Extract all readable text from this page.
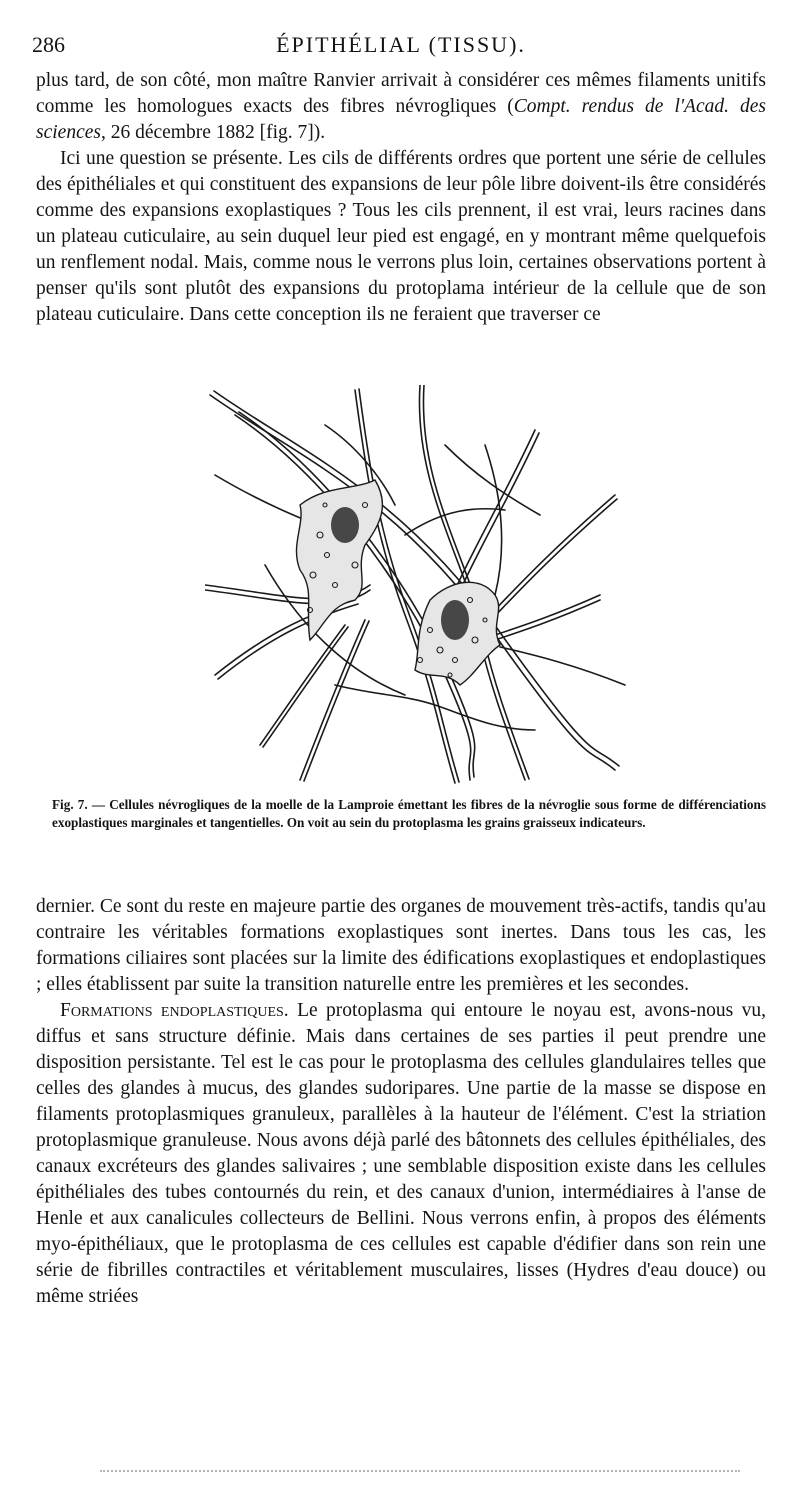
286	ÉPITHÉLIAL (TISSU).

plus tard, de son côté, mon maître Ranvier arrivait à considérer ces mêmes filaments unitifs comme les homologues exacts des fibres névrogliques (Compt. rendus de l'Acad. des sciences, 26 décembre 1882 [fig. 7]).

Ici une question se présente. Les cils de différents ordres que portent une série de cellules des épithéliales et qui constituent des expansions de leur pôle libre doivent-ils être considérés comme des expansions exoplastiques ? Tous les cils prennent, il est vrai, leurs racines dans un plateau cuticulaire, au sein duquel leur pied est engagé, en y montrant même quelquefois un renflement nodal. Mais, comme nous le verrons plus loin, certaines observations portent à penser qu'ils sont plutôt des expansions du protoplama intérieur de la cellule que de son plateau cuticulaire. Dans cette conception ils ne feraient que traverser ce

Fig. 7. — Cellules névrogliques de la moelle de la Lamproie émettant les fibres de la névroglie sous forme de différenciations exoplastiques marginales et tangentielles. On voit au sein du protoplasma les grains graisseux indicateurs.

dernier. Ce sont du reste en majeure partie des organes de mouvement très-actifs, tandis qu'au contraire les véritables formations exoplastiques sont inertes. Dans tous les cas, les formations ciliaires sont placées sur la limite des édifications exoplastiques et endoplastiques ; elles établissent par suite la transition naturelle entre les premières et les secondes.

Formations endoplastiques. Le protoplasma qui entoure le noyau est, avons-nous vu, diffus et sans structure définie. Mais dans certaines de ses parties il peut prendre une disposition persistante. Tel est le cas pour le protoplasma des cellules glandulaires telles que celles des glandes à mucus, des glandes sudoripares. Une partie de la masse se dispose en filaments protoplasmiques granuleux, parallèles à la hauteur de l'élément. C'est la striation protoplasmique granuleuse. Nous avons déjà parlé des bâtonnets des cellules épithéliales, des canaux excréteurs des glandes salivaires ; une semblable disposition existe dans les cellules épithéliales des tubes contournés du rein, et des canaux d'union, intermédiaires à l'anse de Henle et aux canalicules collecteurs de Bellini. Nous verrons enfin, à propos des éléments myo-épithéliaux, que le protoplasma de ces cellules est capable d'édifier dans son rein une série de fibrilles contractiles et véritablement musculaires, lisses (Hydres d'eau douce) ou même striées
